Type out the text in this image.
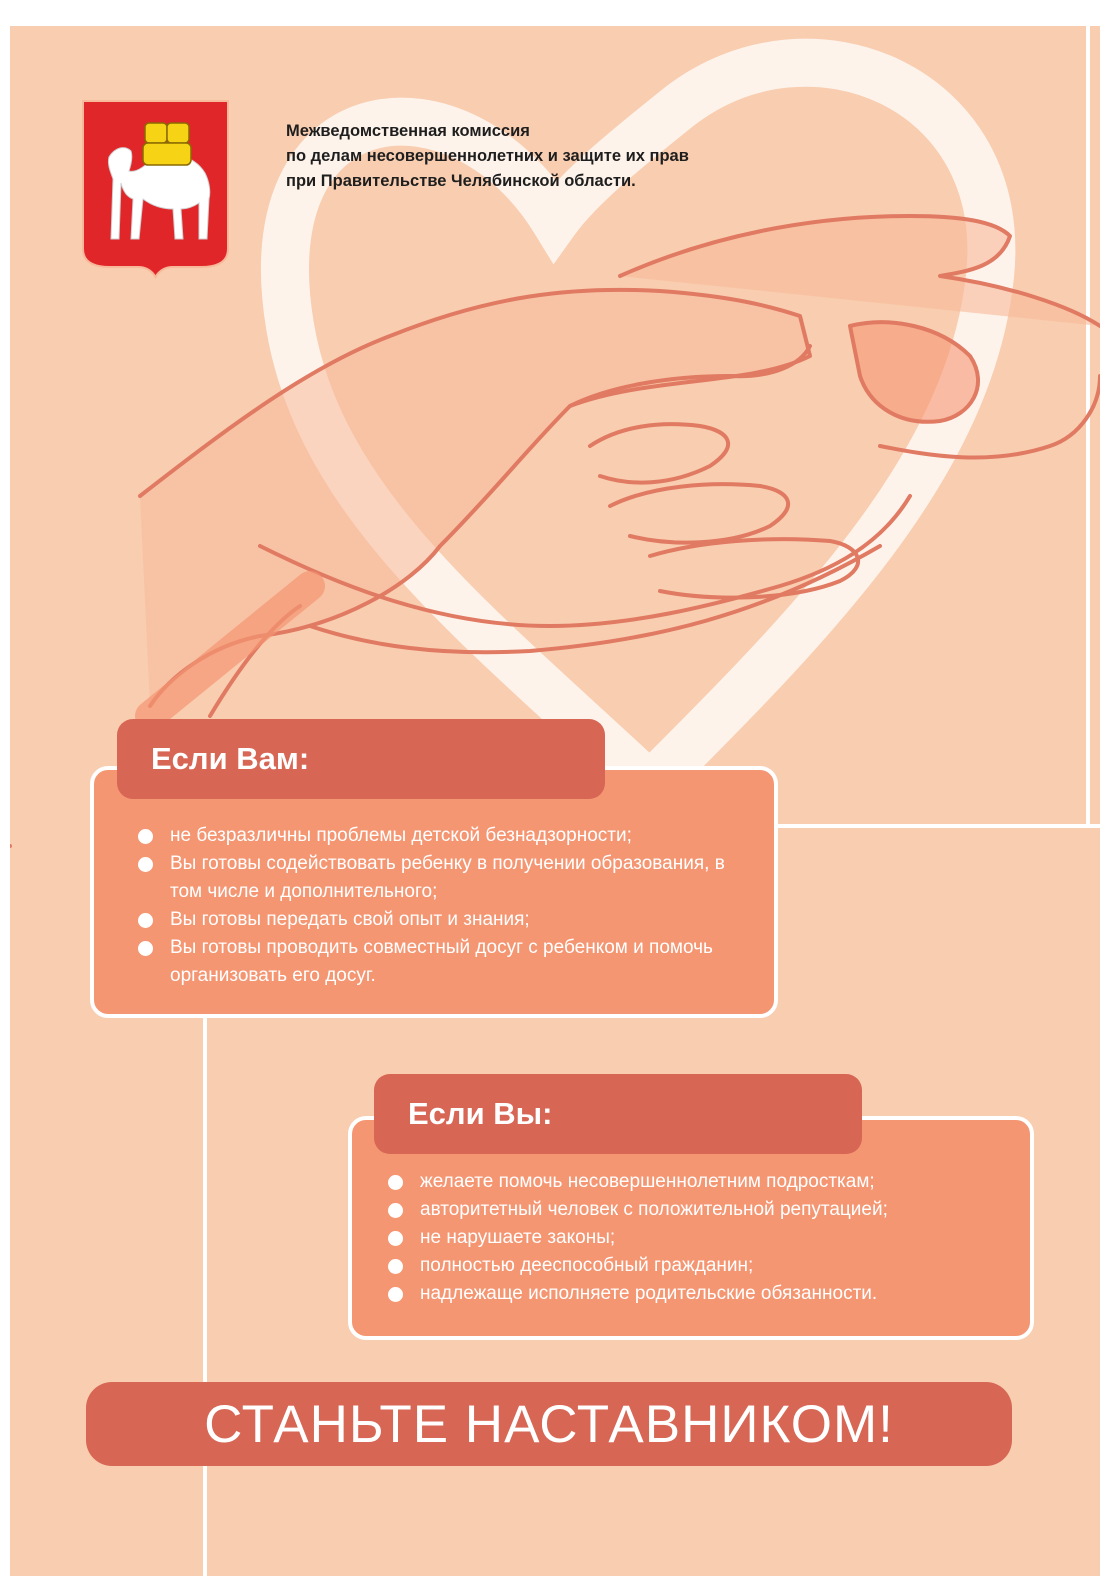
Межведомственная комиссия
по делам несовершеннолетних и защите их прав
при Правительстве Челябинской области.
Если Вам:
не безразличны проблемы детской безнадзорности;
Вы готовы содействовать ребенку в получении образования, в том числе и дополнительного;
Вы готовы передать свой опыт и знания;
Вы готовы проводить совместный досуг с ребенком и помочь организовать его досуг.
Если Вы:
желаете помочь несовершеннолетним подросткам;
авторитетный человек с положительной репутацией;
не нарушаете законы;
полностью дееспособный гражданин;
надлежаще исполняете родительские обязанности.
СТАНЬТЕ НАСТАВНИКОМ!
